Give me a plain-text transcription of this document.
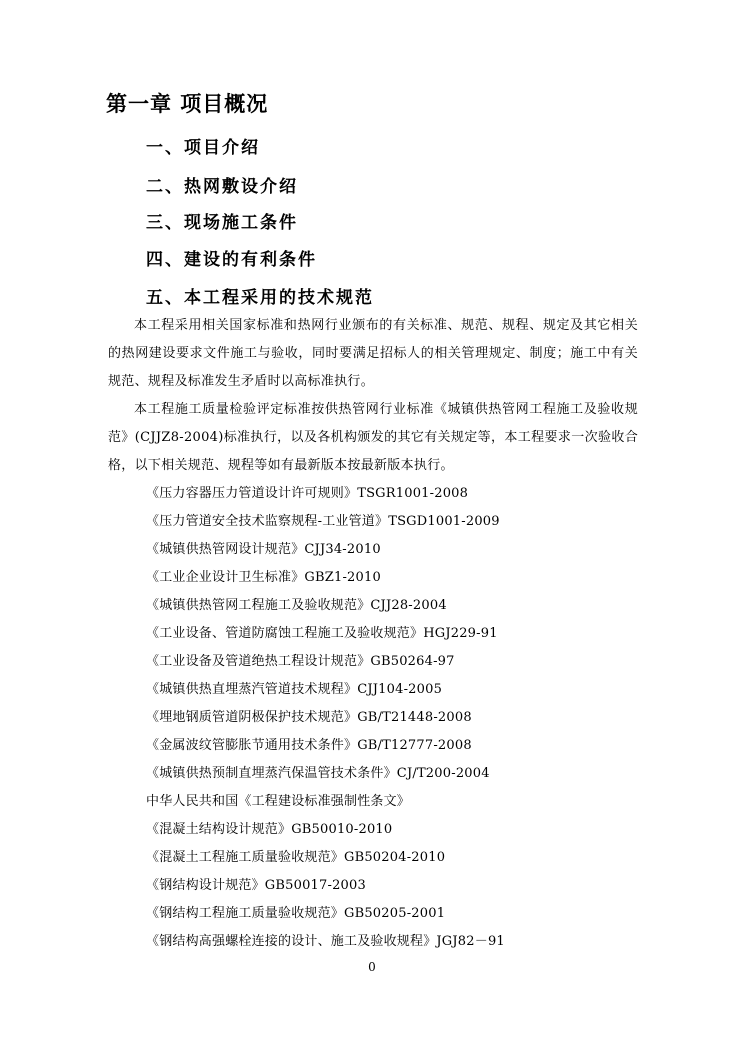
第一章 项目概况
一、项目介绍
二、热网敷设介绍
三、现场施工条件
四、建设的有利条件
五、本工程采用的技术规范

本工程采用相关国家标准和热网行业颁布的有关标准、规范、规程、规定及其它相关的热网建设要求文件施工与验收，同时要满足招标人的相关管理规定、制度；施工中有关规范、规程及标准发生矛盾时以高标准执行。

本工程施工质量检验评定标准按供热管网行业标准《城镇供热管网工程施工及验收规范》(CJJZ8-2004)标准执行，以及各机构颁发的其它有关规定等，本工程要求一次验收合格，以下相关规范、规程等如有最新版本按最新版本执行。

《压力容器压力管道设计许可规则》TSGR1001-2008
《压力管道安全技术监察规程-工业管道》TSGD1001-2009
《城镇供热管网设计规范》CJJ34-2010
《工业企业设计卫生标准》GBZ1-2010
《城镇供热管网工程施工及验收规范》CJJ28-2004
《工业设备、管道防腐蚀工程施工及验收规范》HGJ229-91
《工业设备及管道绝热工程设计规范》GB50264-97
《城镇供热直埋蒸汽管道技术规程》CJJ104-2005
《埋地钢质管道阴极保护技术规范》GB/T21448-2008
《金属波纹管膨胀节通用技术条件》GB/T12777-2008
《城镇供热预制直埋蒸汽保温管技术条件》CJ/T200-2004
中华人民共和国《工程建设标准强制性条文》
《混凝土结构设计规范》GB50010-2010
《混凝土工程施工质量验收规范》GB50204-2010
《钢结构设计规范》GB50017-2003
《钢结构工程施工质量验收规范》GB50205-2001
《钢结构高强螺栓连接的设计、施工及验收规程》JGJ82－91
0
